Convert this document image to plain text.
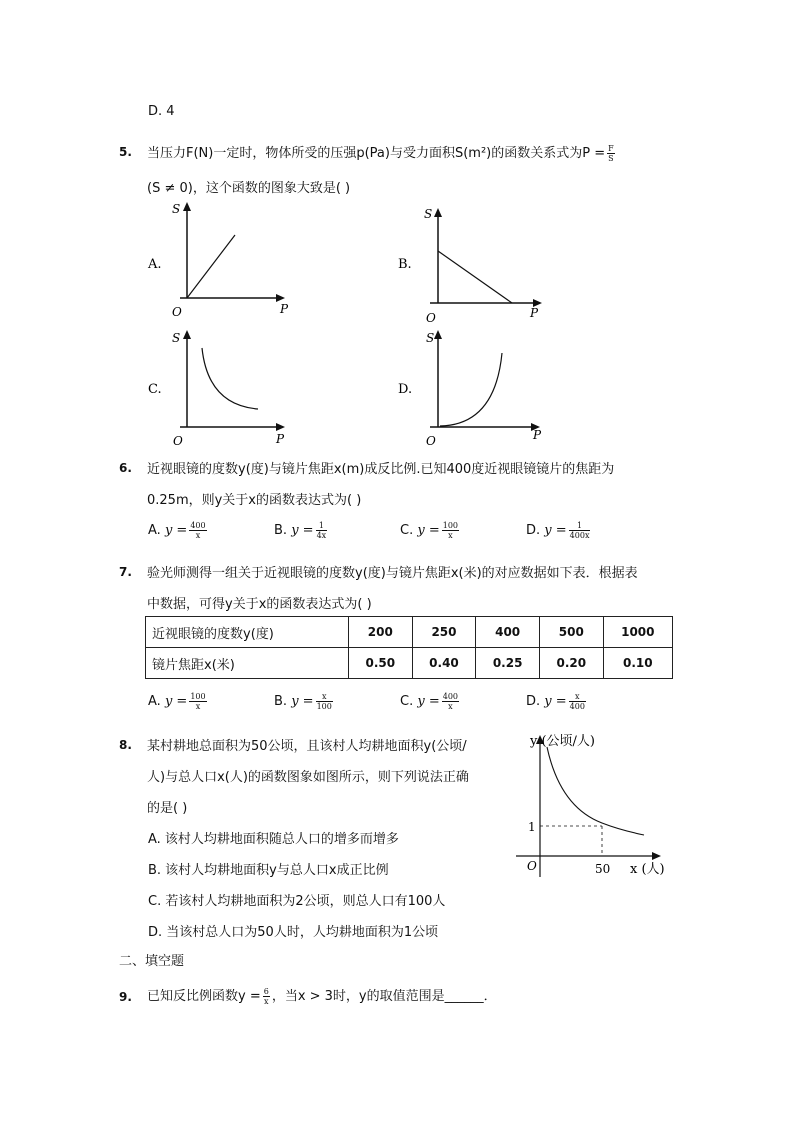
D. 4
5. 当压力F(N)一定时，物体所受的压强p(Pa)与受力面积S(m²)的函数关系式为$P = \frac{F}{S}$
(S ≠ 0)，这个函数的图象大致是( )
A.
S
P
O
B.
S
P
O
C.
S
P
O
D.
S
P
O
6. 近视眼镜的度数y(度)与镜片焦距x(m)成反比例.已知400度近视眼镜镜片的焦距为
0.25m，则y关于x的函数表达式为( )
A. $y = \frac{400}{x}$	B. $y = \frac{1}{4x}$	C. $y = \frac{100}{x}$	D. $y = \frac{1}{400x}$
7. 验光师测得一组关于近视眼镜的度数y(度)与镜片焦距x(米)的对应数据如下表．根据表
中数据，可得y关于x的函数表达式为( )
近视眼镜的度数y(度)	200	250	400	500	1000
镜片焦距x(米)	0.50	0.40	0.25	0.20	0.10
A. $y = \frac{100}{x}$	B. $y = \frac{x}{100}$	C. $y = \frac{400}{x}$	D. $y = \frac{x}{400}$
8. 某村耕地总面积为50公顷，且该村人均耕地面积y(公顷/
人)与总人口x(人)的函数图象如图所示，则下列说法正确
的是( )
A. 该村人均耕地面积随总人口的增多而增多
B. 该村人均耕地面积y与总人口x成正比例
C. 若该村人均耕地面积为2公顷，则总人口有100人
D. 当该村总人口为50人时，人均耕地面积为1公顷
y (公顷/人)
x (人)
O
1
50
二、填空题
9. 已知反比例函数$y = \frac{6}{x}$ ，当x > 3时，y的取值范围是______．
